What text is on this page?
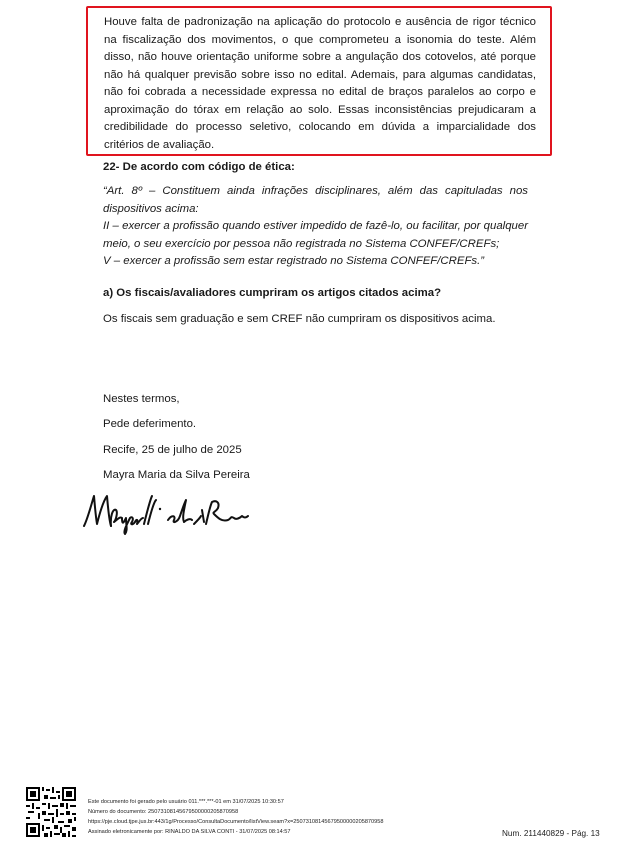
Houve falta de padronização na aplicação do protocolo e ausência de rigor técnico na fiscalização dos movimentos, o que comprometeu a isonomia do teste. Além disso, não houve orientação uniforme sobre a angulação dos cotovelos, até porque não há qualquer previsão sobre isso no edital. Ademais, para algumas candidatas, não foi cobrada a necessidade expressa no edital de braços paralelos ao corpo e aproximação do tórax em relação ao solo. Essas inconsistências prejudicaram a credibilidade do processo seletivo, colocando em dúvida a imparcialidade dos critérios de avaliação.
22- De acordo com código de ética:

“Art. 8º – Constituem ainda infrações disciplinares, além das capituladas nos dispositivos acima:

II – exercer a profissão quando estiver impedido de fazê-lo, ou facilitar, por qualquer meio, o seu exercício por pessoa não registrada no Sistema CONFEF/CREFs;

V – exercer a profissão sem estar registrado no Sistema CONFEF/CREFs.”

a) Os fiscais/avaliadores cumpriram os artigos citados acima?
Os fiscais sem graduação e sem CREF não cumpriram os dispositivos acima.

Nestes termos,

Pede deferimento.

Recife, 25 de julho de 2025

Mayra Maria da Silva Pereira

Este documento foi gerado pelo usuário 011.***.***-01 em 31/07/2025 10:30:57

Número do documento: 25073108145679500000205870958

https://pje.cloud.tjpe.jus.br:443/1g/Processo/ConsultaDocumento/listView.seam?x=25073108145679500000205870958

Assinado eletronicamente por: RINALDO DA SILVA CONTI - 31/07/2025 08:14:57	Num. 211440829 - Pág. 13
